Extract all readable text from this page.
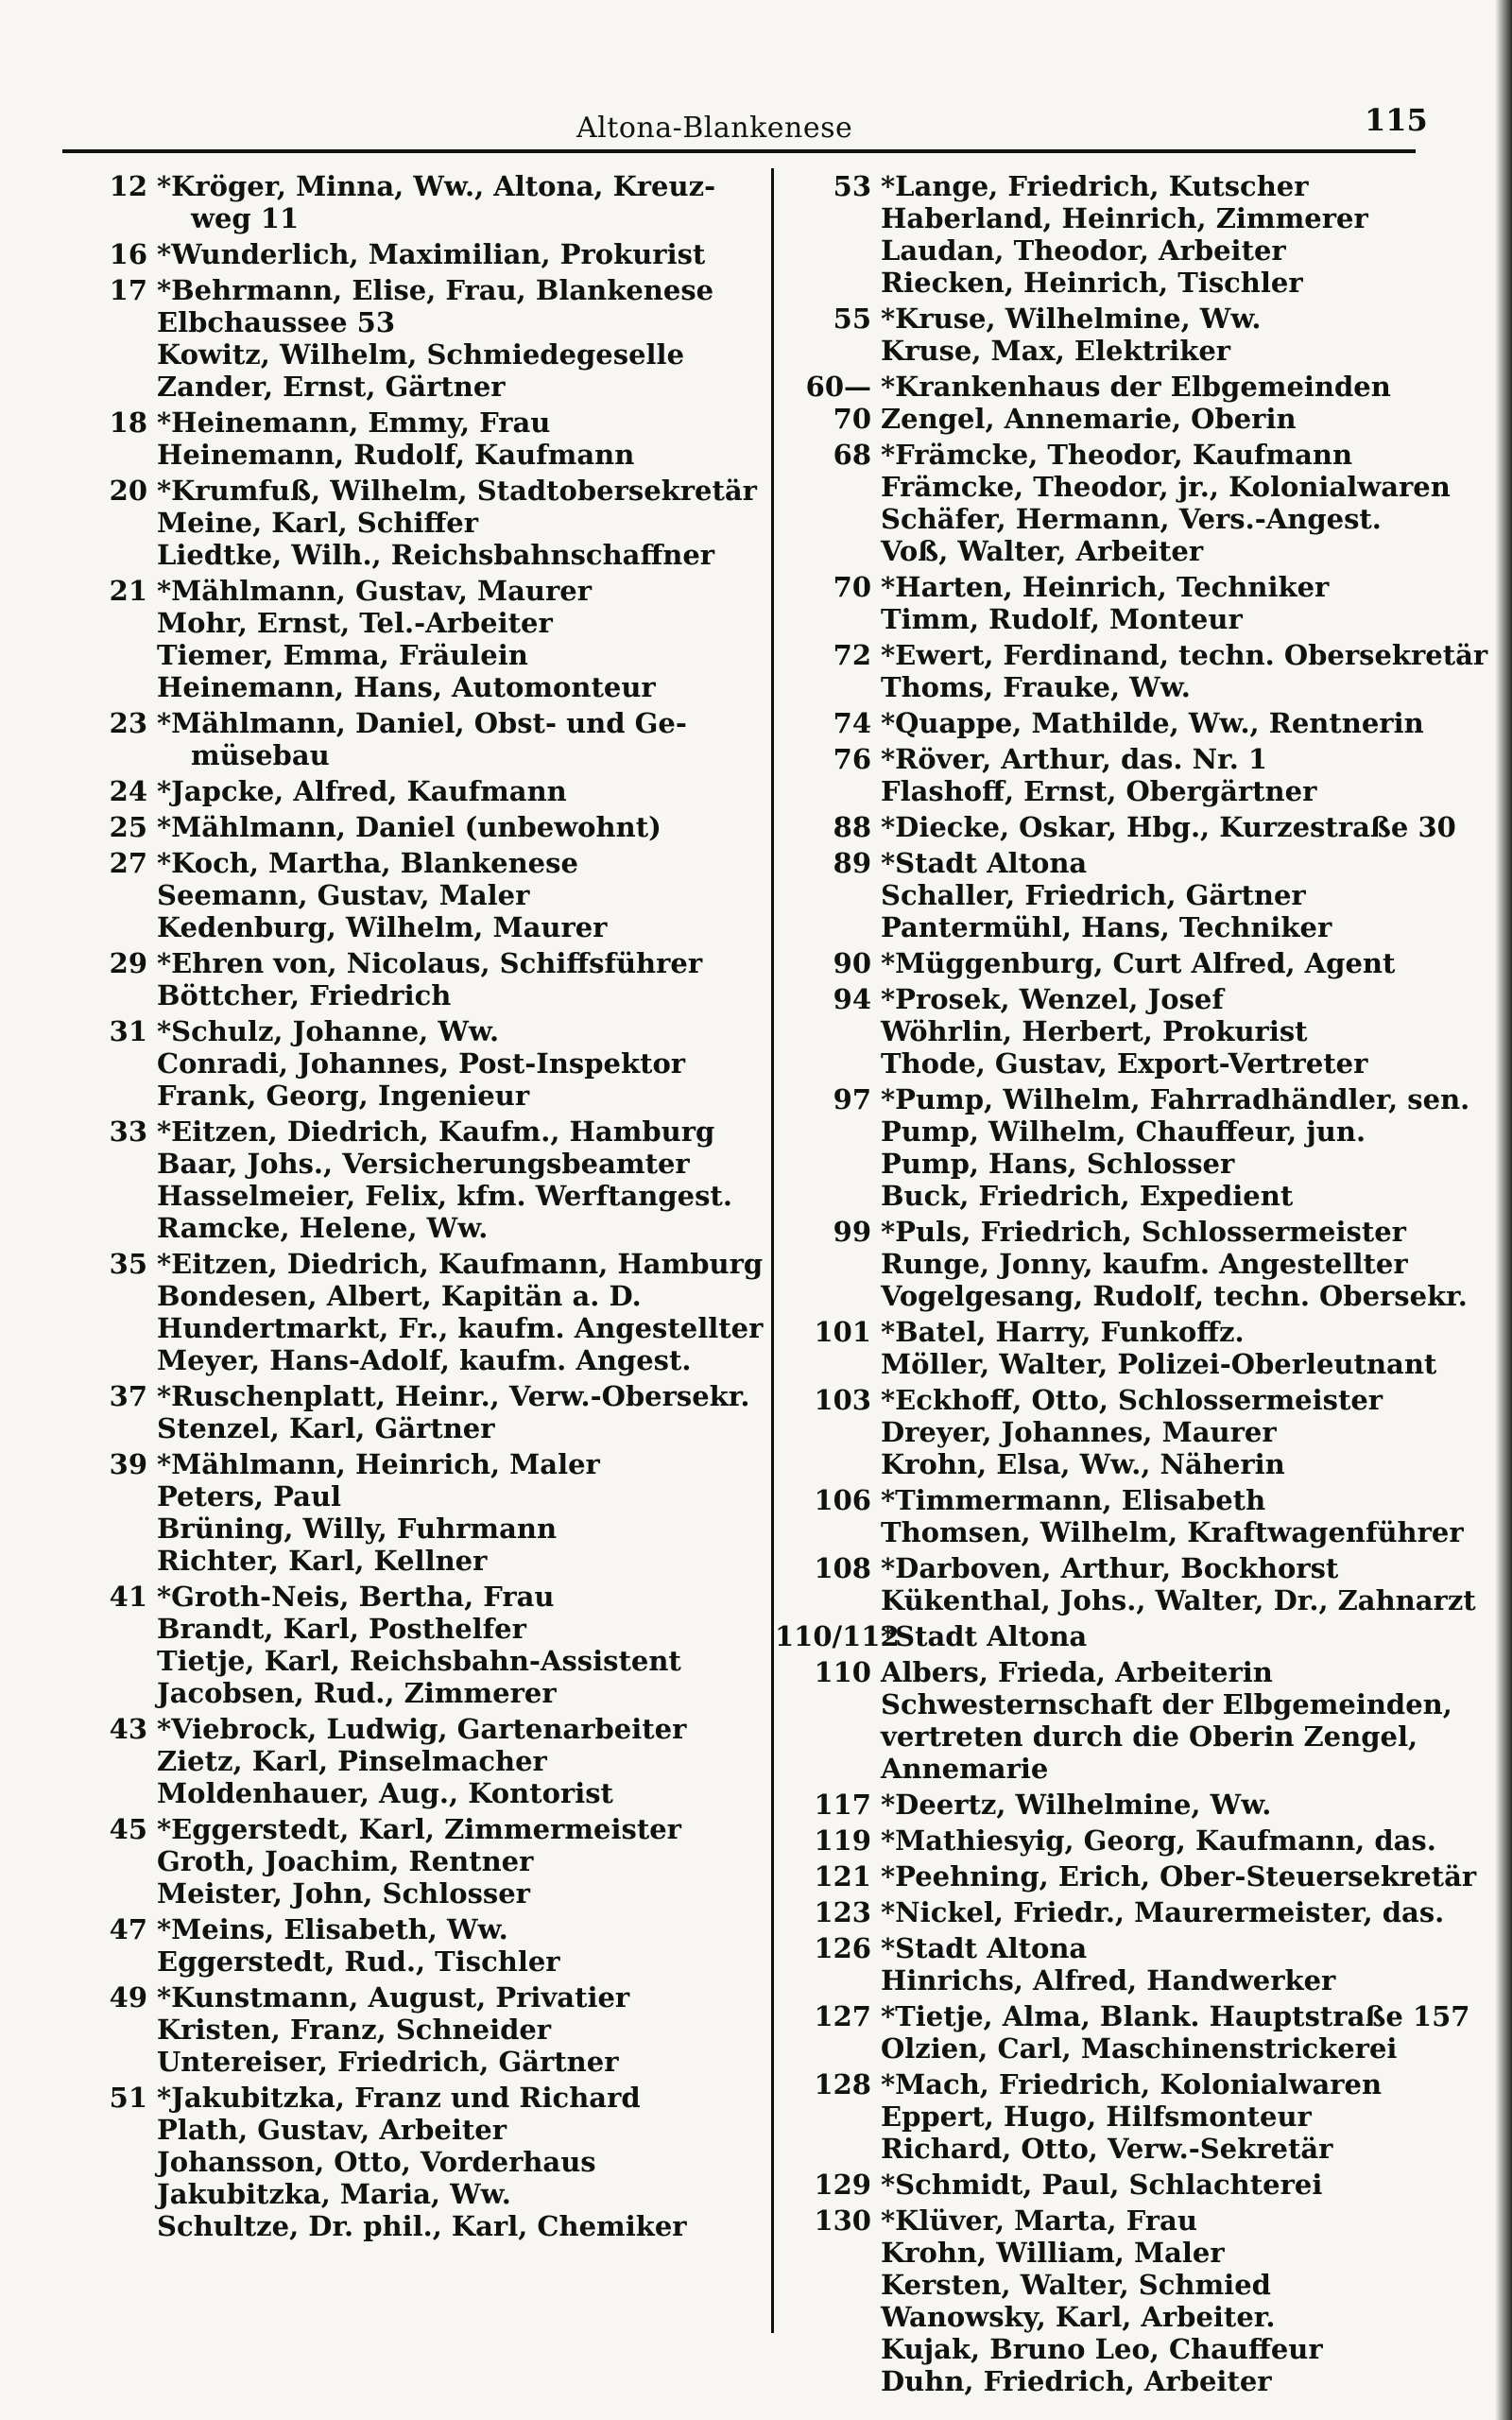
Altona-Blankenese	115
12 *Kröger, Minna, Ww., Altona, Kreuz-
weg 11
16 *Wunderlich, Maximilian, Prokurist
17 *Behrmann, Elise, Frau, Blankenese
Elbchaussee 53
Kowitz, Wilhelm, Schmiedegeselle
Zander, Ernst, Gärtner
18 *Heinemann, Emmy, Frau
Heinemann, Rudolf, Kaufmann
20 *Krumfuß, Wilhelm, Stadtobersekretär
Meine, Karl, Schiffer
Liedtke, Wilh., Reichsbahnschaffner
21 *Mählmann, Gustav, Maurer
Mohr, Ernst, Tel.-Arbeiter
Tiemer, Emma, Fräulein
Heinemann, Hans, Automonteur
23 *Mählmann, Daniel, Obst- und Ge-
müsebau
24 *Japcke, Alfred, Kaufmann
25 *Mählmann, Daniel (unbewohnt)
27 *Koch, Martha, Blankenese
Seemann, Gustav, Maler
Kedenburg, Wilhelm, Maurer
29 *Ehren von, Nicolaus, Schiffsführer
Böttcher, Friedrich
31 *Schulz, Johanne, Ww.
Conradi, Johannes, Post-Inspektor
Frank, Georg, Ingenieur
33 *Eitzen, Diedrich, Kaufm., Hamburg
Baar, Johs., Versicherungsbeamter
Hasselmeier, Felix, kfm. Werftangest.
Ramcke, Helene, Ww.
35 *Eitzen, Diedrich, Kaufmann, Hamburg
Bondesen, Albert, Kapitän a. D.
Hundertmarkt, Fr., kaufm. Angestellter
Meyer, Hans-Adolf, kaufm. Angest.
37 *Ruschenplatt, Heinr., Verw.-Obersekr.
Stenzel, Karl, Gärtner
39 *Mählmann, Heinrich, Maler
Peters, Paul
Brüning, Willy, Fuhrmann
Richter, Karl, Kellner
41 *Groth-Neis, Bertha, Frau
Brandt, Karl, Posthelfer
Tietje, Karl, Reichsbahn-Assistent
Jacobsen, Rud., Zimmerer
43 *Viebrock, Ludwig, Gartenarbeiter
Zietz, Karl, Pinselmacher
Moldenhauer, Aug., Kontorist
45 *Eggerstedt, Karl, Zimmermeister
Groth, Joachim, Rentner
Meister, John, Schlosser
47 *Meins, Elisabeth, Ww.
Eggerstedt, Rud., Tischler
49 *Kunstmann, August, Privatier
Kristen, Franz, Schneider
Untereiser, Friedrich, Gärtner
51 *Jakubitzka, Franz und Richard
Plath, Gustav, Arbeiter
Johansson, Otto, Vorderhaus
Jakubitzka, Maria, Ww.
Schultze, Dr. phil., Karl, Chemiker
53 *Lange, Friedrich, Kutscher
Haberland, Heinrich, Zimmerer
Laudan, Theodor, Arbeiter
Riecken, Heinrich, Tischler
55 *Kruse, Wilhelmine, Ww.
Kruse, Max, Elektriker
60—70
*Krankenhaus der Elbgemeinden
Zengel, Annemarie, Oberin
68 *Främcke, Theodor, Kaufmann
Främcke, Theodor, jr., Kolonialwaren
Schäfer, Hermann, Vers.-Angest.
Voß, Walter, Arbeiter
70 *Harten, Heinrich, Techniker
Timm, Rudolf, Monteur
72 *Ewert, Ferdinand, techn. Obersekretär
Thoms, Frauke, Ww.
74 *Quappe, Mathilde, Ww., Rentnerin
76 *Röver, Arthur, das. Nr. 1
Flashoff, Ernst, Obergärtner
88 *Diecke, Oskar, Hbg., Kurzestraße 30
89 *Stadt Altona
Schaller, Friedrich, Gärtner
Pantermühl, Hans, Techniker
90 *Müggenburg, Curt Alfred, Agent
94 *Prosek, Wenzel, Josef
Wöhrlin, Herbert, Prokurist
Thode, Gustav, Export-Vertreter
97 *Pump, Wilhelm, Fahrradhändler, sen.
Pump, Wilhelm, Chauffeur, jun.
Pump, Hans, Schlosser
Buck, Friedrich, Expedient
99 *Puls, Friedrich, Schlossermeister
Runge, Jonny, kaufm. Angestellter
Vogelgesang, Rudolf, techn. Obersekr.
101 *Batel, Harry, Funkoffz.
Möller, Walter, Polizei-Oberleutnant
103 *Eckhoff, Otto, Schlossermeister
Dreyer, Johannes, Maurer
Krohn, Elsa, Ww., Näherin
106 *Timmermann, Elisabeth
Thomsen, Wilhelm, Kraftwagenführer
108 *Darboven, Arthur, Bockhorst
Kükenthal, Johs., Walter, Dr., Zahnarzt
110/112
*Stadt Altona
110 Albers, Frieda, Arbeiterin
Schwesternschaft der Elbgemeinden,
vertreten durch die Oberin Zengel,
Annemarie
117 *Deertz, Wilhelmine, Ww.
119 *Mathiesyig, Georg, Kaufmann, das.
121 *Peehning, Erich, Ober-Steuersekretär
123 *Nickel, Friedr., Maurermeister, das.
126 *Stadt Altona
Hinrichs, Alfred, Handwerker
127 *Tietje, Alma, Blank. Hauptstraße 157
Olzien, Carl, Maschinenstrickerei
128 *Mach, Friedrich, Kolonialwaren
Eppert, Hugo, Hilfsmonteur
Richard, Otto, Verw.-Sekretär
129 *Schmidt, Paul, Schlachterei
130 *Klüver, Marta, Frau
Krohn, William, Maler
Kersten, Walter, Schmied
Wanowsky, Karl, Arbeiter.
Kujak, Bruno Leo, Chauffeur
Duhn, Friedrich, Arbeiter
